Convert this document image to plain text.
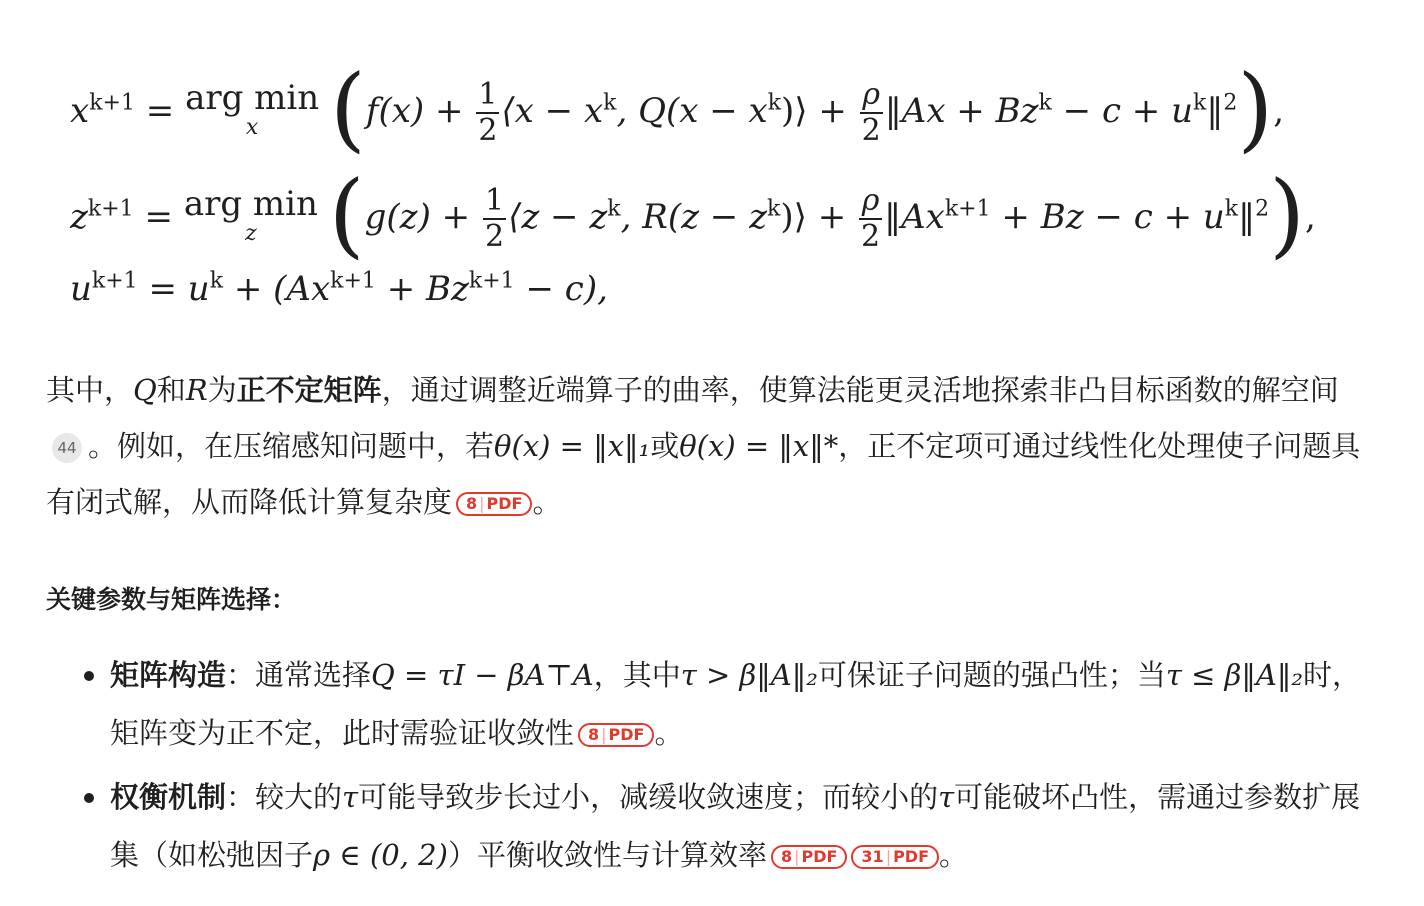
$x^{k+1}$ = arg min
x ($f(x) + \frac{1}{2}$ ⟨x − $x^k$, $Q(x - x^k)⟩ + \frac{\rho}{2}$ ‖Ax + $Bz^k - c$ + $u^k‖^2$),
$z^{k+1}$ = arg min
z ($g(z) + \frac{1}{2}$ ⟨z − $z^k$, $R(z - z^k)⟩ + \frac{\rho}{2}$ $‖Ax^{k+1} + Bz - c$ + $u^k‖^2$),
$u^{k+1} = u^k + (Ax^{k+1} + Bz^{k+1} - c)$,
其中，Q和R为正不定矩阵，通过调整近端算子的曲率，使算法能更灵活地探索非凸目标函数的解空间44 。例如，在压缩感知问题中，若θ(x) = ‖x‖₁或θ(x) = ‖x‖*，正不定项可通过线性化处理使子问题具有闭式解，从而降低计算复杂度 8 | PDF 。
关键参数与矩阵选择：
矩阵构造：通常选择Q = τI − βA⊤A，其中τ > β‖A‖₂可保证子问题的强凸性；当τ ≤ β‖A‖₂时，矩阵变为正不定，此时需验证收敛性 8 | PDF 。
权衡机制：较大的τ可能导致步长过小，减缓收敛速度；而较小的τ可能破坏凸性，需通过参数扩展集（如松弛因子ρ ∈ (0, 2)）平衡收敛性与计算效率 8 | PDF 31 | PDF 。
